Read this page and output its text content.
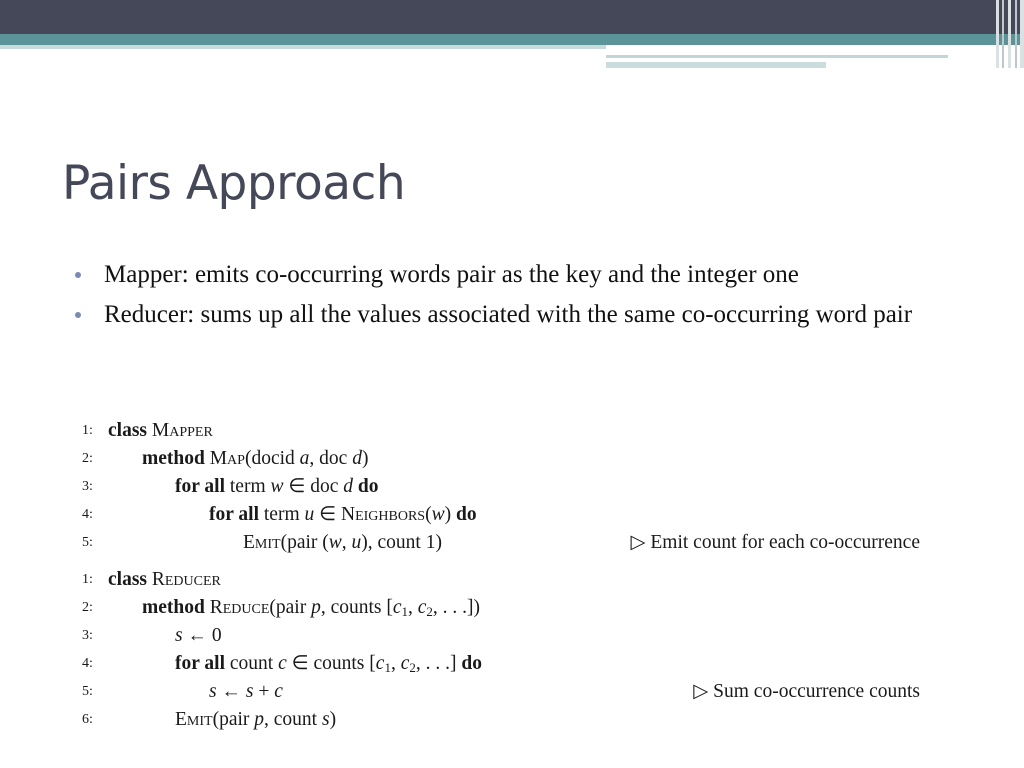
Pairs Approach
Mapper: emits co-occurring words pair as the key and the integer one
Reducer: sums up all the values associated with the same co-occurring word pair
1: class Mapper
2:	method Map(docid a, doc d)
3:	for all term w ∈ doc d do
4:	for all term u ∈ Neighbors(w) do
5:	Emit(pair (w, u), count 1)	▷ Emit count for each co-occurrence
1: class Reducer
2:	method Reduce(pair p, counts [$c_1$, $c_2$, . . .])
3:	s ← 0
4:	for all count c ∈ counts [$c_1$, $c_2$, . . .] do
5:	s ← s + c	▷ Sum co-occurrence counts
6:	Emit(pair p, count s)
